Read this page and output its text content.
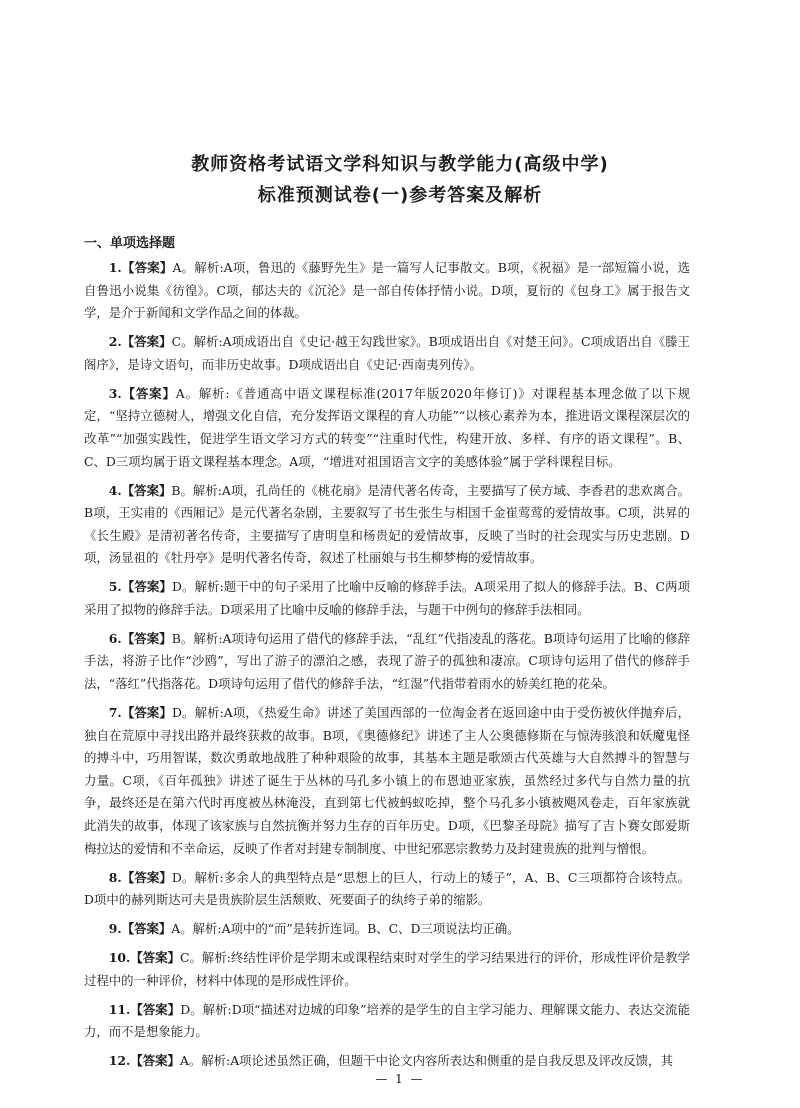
教师资格考试语文学科知识与教学能力(高级中学)
标准预测试卷(一)参考答案及解析
一、单项选择题

1.【答案】A。解析:A项，鲁迅的《藤野先生》是一篇写人记事散文。B项，《祝福》是一部短篇小说，选自鲁迅小说集《彷徨》。C项，郁达夫的《沉沦》是一部自传体抒情小说。D项，夏衍的《包身工》属于报告文学，是介于新闻和文学作品之间的体裁。

2.【答案】C。解析:A项成语出自《史记·越王勾践世家》。B项成语出自《对楚王问》。C项成语出自《滕王阁序》，是诗文语句，而非历史故事。D项成语出自《史记·西南夷列传》。

3.【答案】A。解析:《普通高中语文课程标准(2017年版2020年修订)》对课程基本理念做了以下规定，“坚持立德树人，增强文化自信，充分发挥语文课程的育人功能”“以核心素养为本，推进语文课程深层次的改革”“加强实践性，促进学生语文学习方式的转变”“注重时代性，构建开放、多样、有序的语文课程”。B、C、D三项均属于语文课程基本理念。A项，“增进对祖国语言文字的美感体验”属于学科课程目标。

4.【答案】B。解析:A项，孔尚任的《桃花扇》是清代著名传奇，主要描写了侯方域、李香君的悲欢离合。B项，王实甫的《西厢记》是元代著名杂剧，主要叙写了书生张生与相国千金崔莺莺的爱情故事。C项，洪昇的《长生殿》是清初著名传奇，主要描写了唐明皇和杨贵妃的爱情故事，反映了当时的社会现实与历史悲剧。D项，汤显祖的《牡丹亭》是明代著名传奇，叙述了杜丽娘与书生柳梦梅的爱情故事。

5.【答案】D。解析:题干中的句子采用了比喻中反喻的修辞手法。A项采用了拟人的修辞手法。B、C两项采用了拟物的修辞手法。D项采用了比喻中反喻的修辞手法，与题干中例句的修辞手法相同。

6.【答案】B。解析:A项诗句运用了借代的修辞手法，“乱红”代指凌乱的落花。B项诗句运用了比喻的修辞手法，将游子比作“沙鸥”，写出了游子的漂泊之感，表现了游子的孤独和凄凉。C项诗句运用了借代的修辞手法，“落红”代指落花。D项诗句运用了借代的修辞手法，“红湿”代指带着雨水的娇美红艳的花朵。

7.【答案】D。解析:A项，《热爱生命》讲述了美国西部的一位淘金者在返回途中由于受伤被伙伴抛弃后，独自在荒原中寻找出路并最终获救的故事。B项，《奥德修纪》讲述了主人公奥德修斯在与惊涛骇浪和妖魔鬼怪的搏斗中，巧用智谋，数次勇敢地战胜了种种艰险的故事，其基本主题是歌颂古代英雄与大自然搏斗的智慧与力量。C项，《百年孤独》讲述了诞生于丛林的马孔多小镇上的布恩迪亚家族，虽然经过多代与自然力量的抗争，最终还是在第六代时再度被丛林淹没，直到第七代被蚂蚁吃掉，整个马孔多小镇被飓风卷走，百年家族就此消失的故事，体现了该家族与自然抗衡并努力生存的百年历史。D项，《巴黎圣母院》描写了吉卜赛女郎爱斯梅拉达的爱情和不幸命运，反映了作者对封建专制制度、中世纪邪恶宗教势力及封建贵族的批判与憎恨。

8.【答案】D。解析:多余人的典型特点是“思想上的巨人，行动上的矮子”，A、B、C三项都符合该特点。D项中的赫列斯达可夫是贵族阶层生活颓败、死要面子的纨绔子弟的缩影。

9.【答案】A。解析:A项中的“而”是转折连词。B、C、D三项说法均正确。

10.【答案】C。解析:终结性评价是学期末或课程结束时对学生的学习结果进行的评价，形成性评价是教学过程中的一种评价，材料中体现的是形成性评价。

11.【答案】D。解析:D项“描述对边城的印象”培养的是学生的自主学习能力、理解课文能力、表达交流能力，而不是想象能力。

12.【答案】A。解析:A项论述虽然正确，但题干中论文内容所表达和侧重的是自我反思及评改反馈，其

— 1 —
